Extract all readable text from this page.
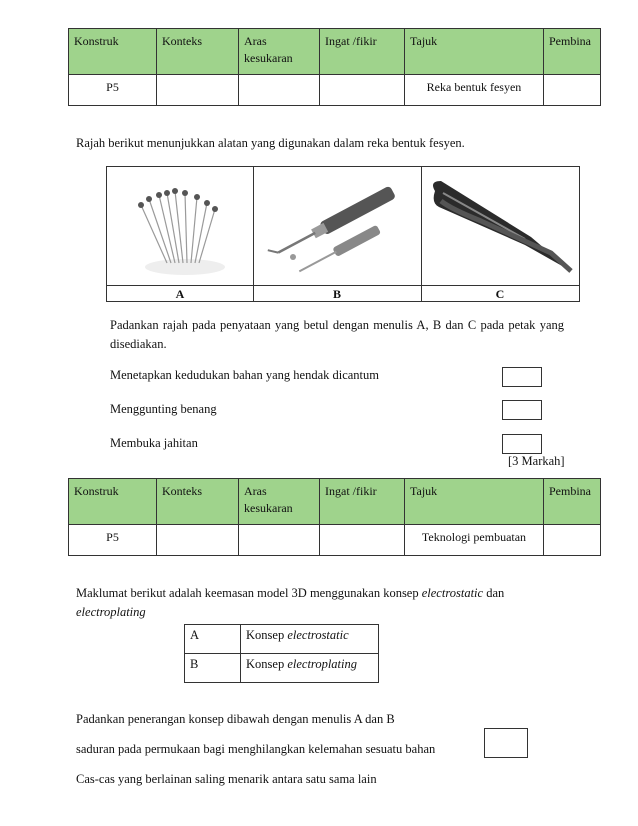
Konstruk	Konteks	Aras kesukaran	Ingat /fikir	Tajuk	Pembina
P5				Reka bentuk fesyen	
Rajah berikut menunjukkan alatan yang digunakan dalam reka bentuk fesyen.
A	B	C
Padankan rajah pada penyataan yang betul dengan menulis A, B dan C pada petak yang disediakan.
Menetapkan kedudukan bahan yang hendak dicantum
Menggunting benang
Membuka jahitan
[3 Markah]
Konstruk	Konteks	Aras kesukaran	Ingat /fikir	Tajuk	Pembina
P5				Teknologi pembuatan	
Maklumat berikut adalah keemasan model 3D menggunakan konsep electrostatic dan
electroplating
A	Konsep electrostatic
B	Konsep electroplating
Padankan penerangan konsep dibawah dengan menulis A dan B
saduran pada permukaan bagi menghilangkan kelemahan sesuatu bahan
Cas-cas yang berlainan saling menarik antara satu sama lain
